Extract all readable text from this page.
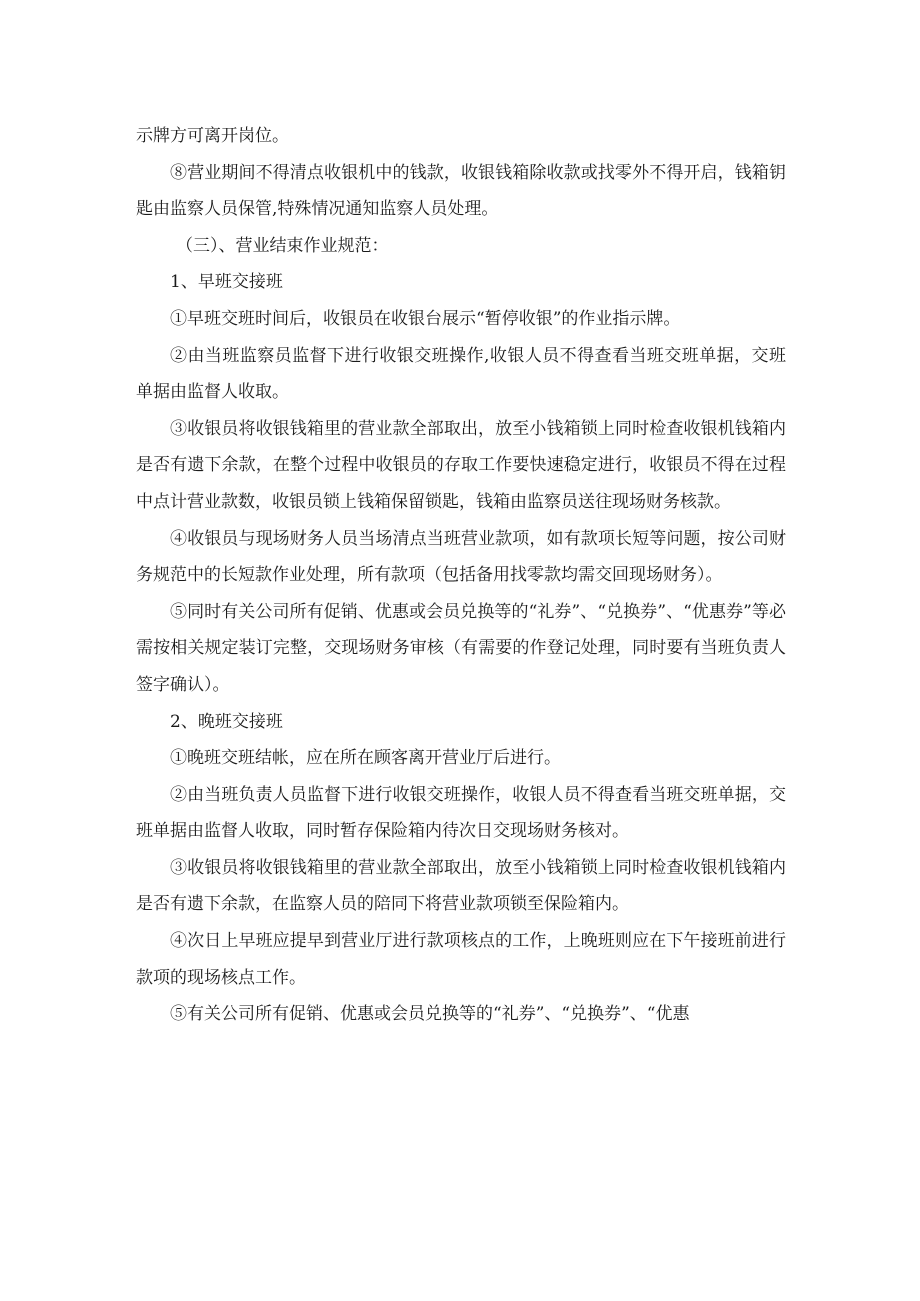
示牌方可离开岗位。

⑧营业期间不得清点收银机中的钱款，收银钱箱除收款或找零外不得开启，钱箱钥匙由监察人员保管,特殊情况通知监察人员处理。

（三）、营业结束作业规范：

1、早班交接班

①早班交班时间后，收银员在收银台展示“暂停收银”的作业指示牌。

②由当班监察员监督下进行收银交班操作,收银人员不得查看当班交班单据，交班单据由监督人收取。

③收银员将收银钱箱里的营业款全部取出，放至小钱箱锁上同时检查收银机钱箱内是否有遗下余款，在整个过程中收银员的存取工作要快速稳定进行，收银员不得在过程中点计营业款数，收银员锁上钱箱保留锁匙，钱箱由监察员送往现场财务核款。

④收银员与现场财务人员当场清点当班营业款项，如有款项长短等问题，按公司财务规范中的长短款作业处理，所有款项（包括备用找零款均需交回现场财务）。

⑤同时有关公司所有促销、优惠或会员兑换等的“礼券”、“兑换券”、“优惠券”等必需按相关规定装订完整，交现场财务审核（有需要的作登记处理，同时要有当班负责人签字确认）。

2、晚班交接班

①晚班交班结帐，应在所在顾客离开营业厅后进行。

②由当班负责人员监督下进行收银交班操作，收银人员不得查看当班交班单据，交班单据由监督人收取，同时暂存保险箱内待次日交现场财务核对。

③收银员将收银钱箱里的营业款全部取出，放至小钱箱锁上同时检查收银机钱箱内是否有遗下余款，在监察人员的陪同下将营业款项锁至保险箱内。

④次日上早班应提早到营业厅进行款项核点的工作，上晚班则应在下午接班前进行款项的现场核点工作。

⑤有关公司所有促销、优惠或会员兑换等的“礼券”、“兑换券”、“优惠
